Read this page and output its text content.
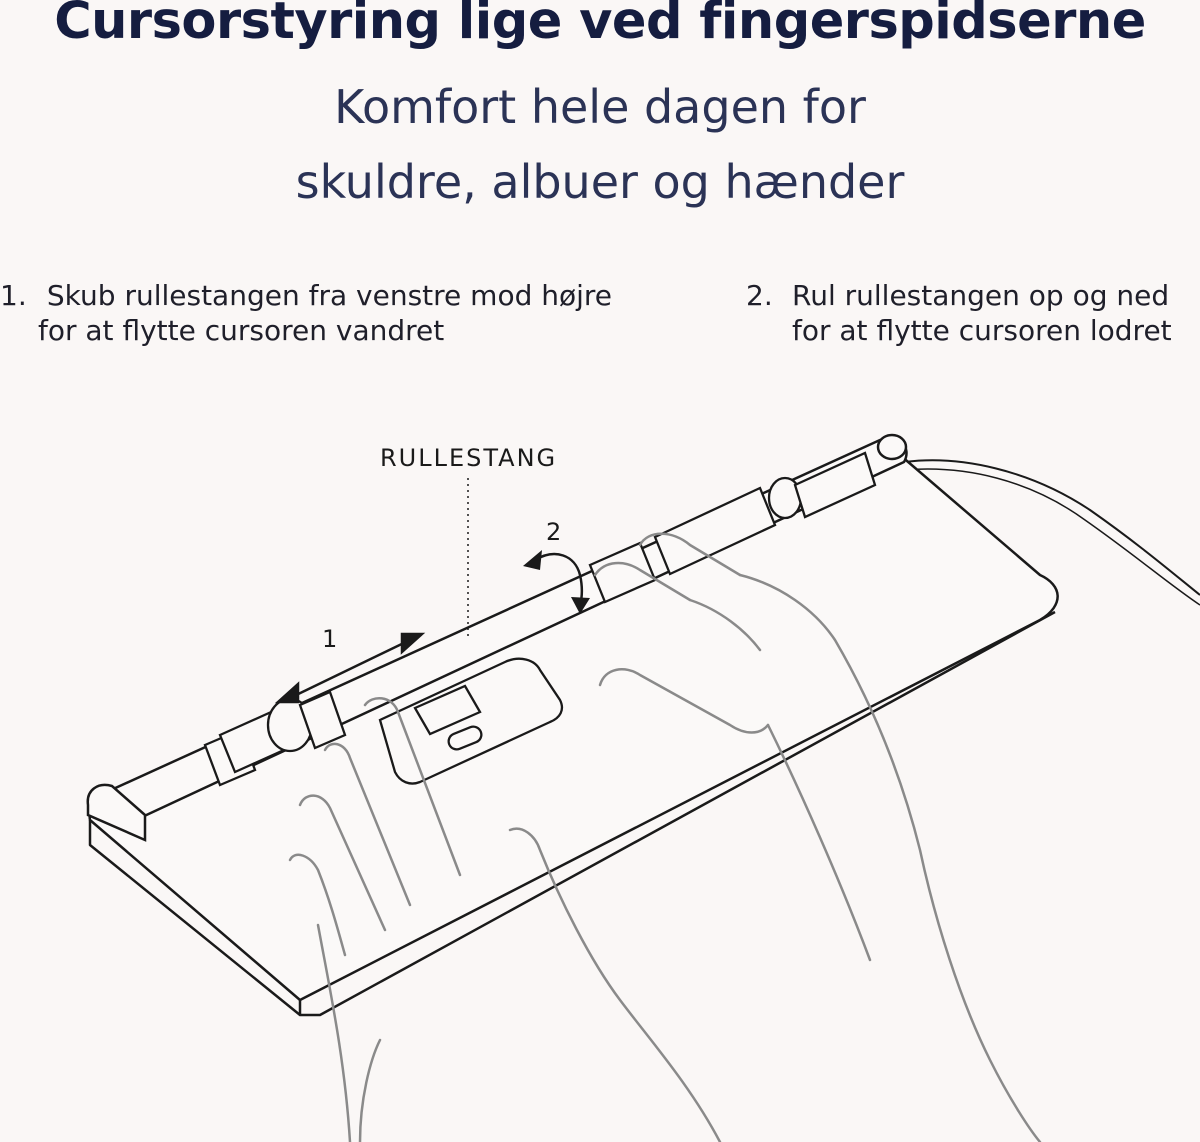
Cursorstyring lige ved fingerspidserne
Komfort hele dagen for
skuldre, albuer og hænder
1. Skub rullestangen fra venstre mod højre
for at flytte cursoren vandret
2. Rul rullestangen op og ned
for at flytte cursoren lodret
RULLESTANG
1
2
